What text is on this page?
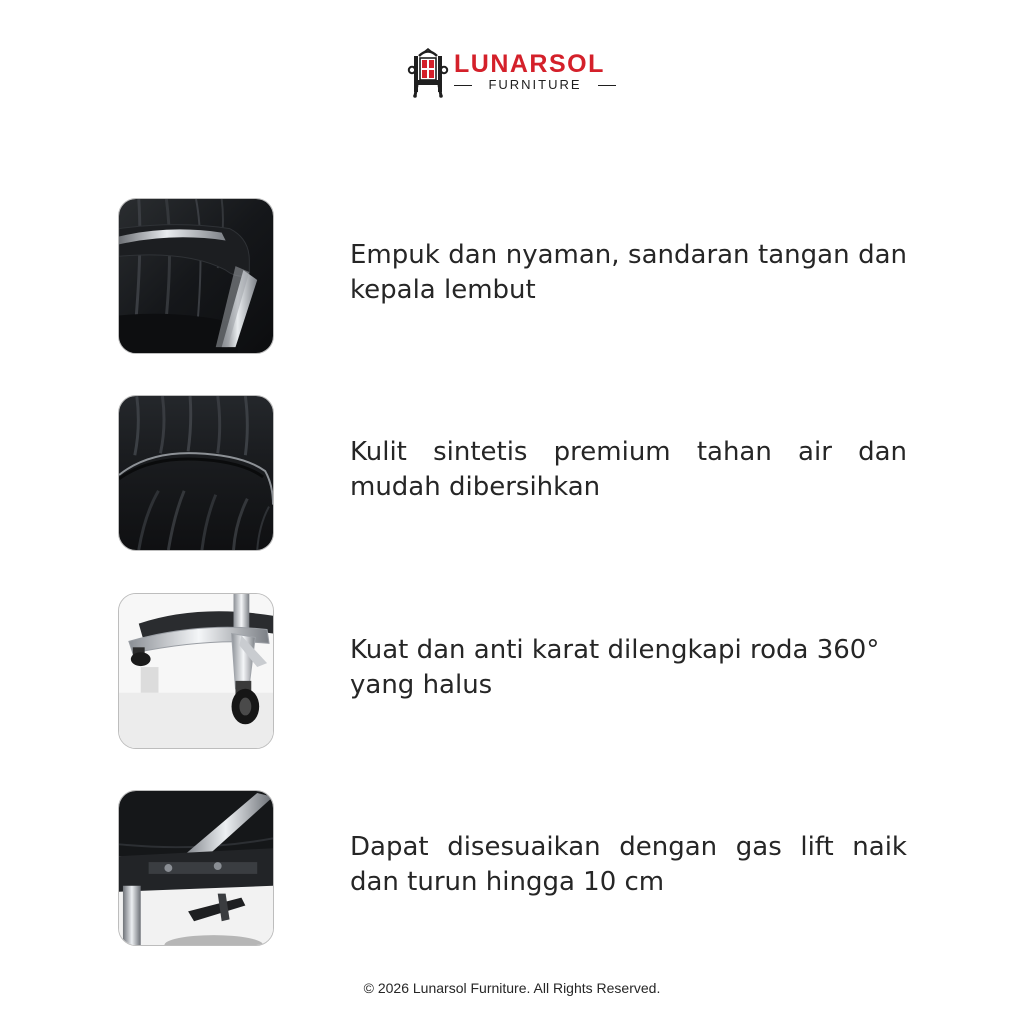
LUNARSOL
FURNITURE

Empuk dan nyaman, sandaran tangan dan kepala lembut

Kulit sintetis premium tahan air dan mudah dibersihkan

Kuat dan anti karat dilengkapi roda 360° yang halus

Dapat disesuaikan dengan gas lift naik dan turun hingga 10 cm

© 2026 Lunarsol Furniture. All Rights Reserved.
